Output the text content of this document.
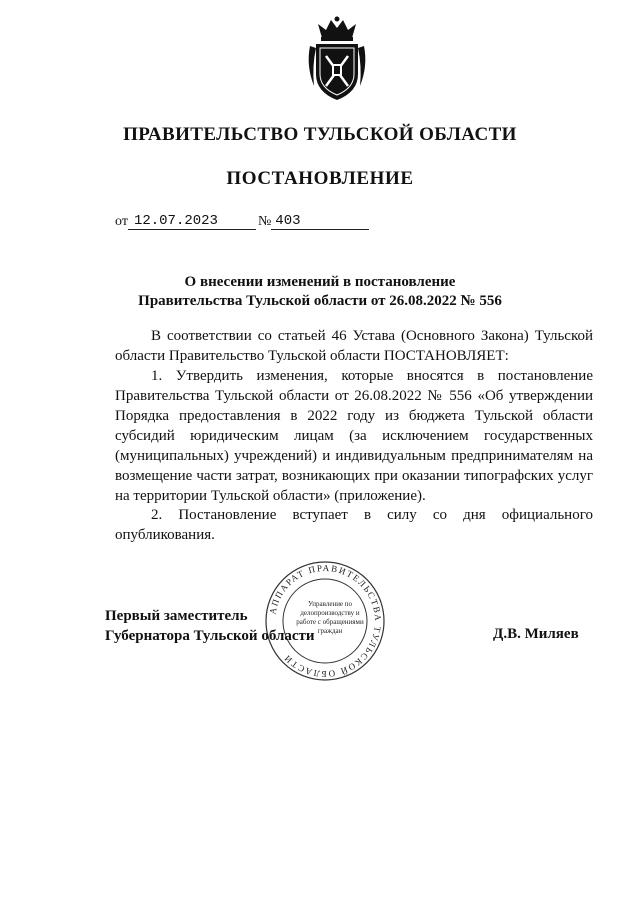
ПРАВИТЕЛЬСТВО ТУЛЬСКОЙ ОБЛАСТИ
ПОСТАНОВЛЕНИЕ
от 12.07.2023	№ 403
О внесении изменений в постановление
Правительства Тульской области от 26.08.2022 № 556

В соответствии со статьей 46 Устава (Основного Закона) Тульской области Правительство Тульской области ПОСТАНОВЛЯЕТ:

1. Утвердить изменения, которые вносятся в постановление Правительства Тульской области от 26.08.2022 № 556 «Об утверждении Порядка предоставления в 2022 году из бюджета Тульской области субсидий юридическим лицам (за исключением государственных (муниципальных) учреждений) и индивидуальным предпринимателям на возмещение части затрат, возникающих при оказании типографских услуг на территории Тульской области» (приложение).

2. Постановление вступает в силу со дня официального опубликования.

АППАРАТ ПРАВИТЕЛЬСТВА ТУЛЬСКОЙ ОБЛАСТИ
Управление по делопроизводству и работе с обращениями граждан
Первый заместитель
Губернатора Тульской области	Д.В. Миляев
